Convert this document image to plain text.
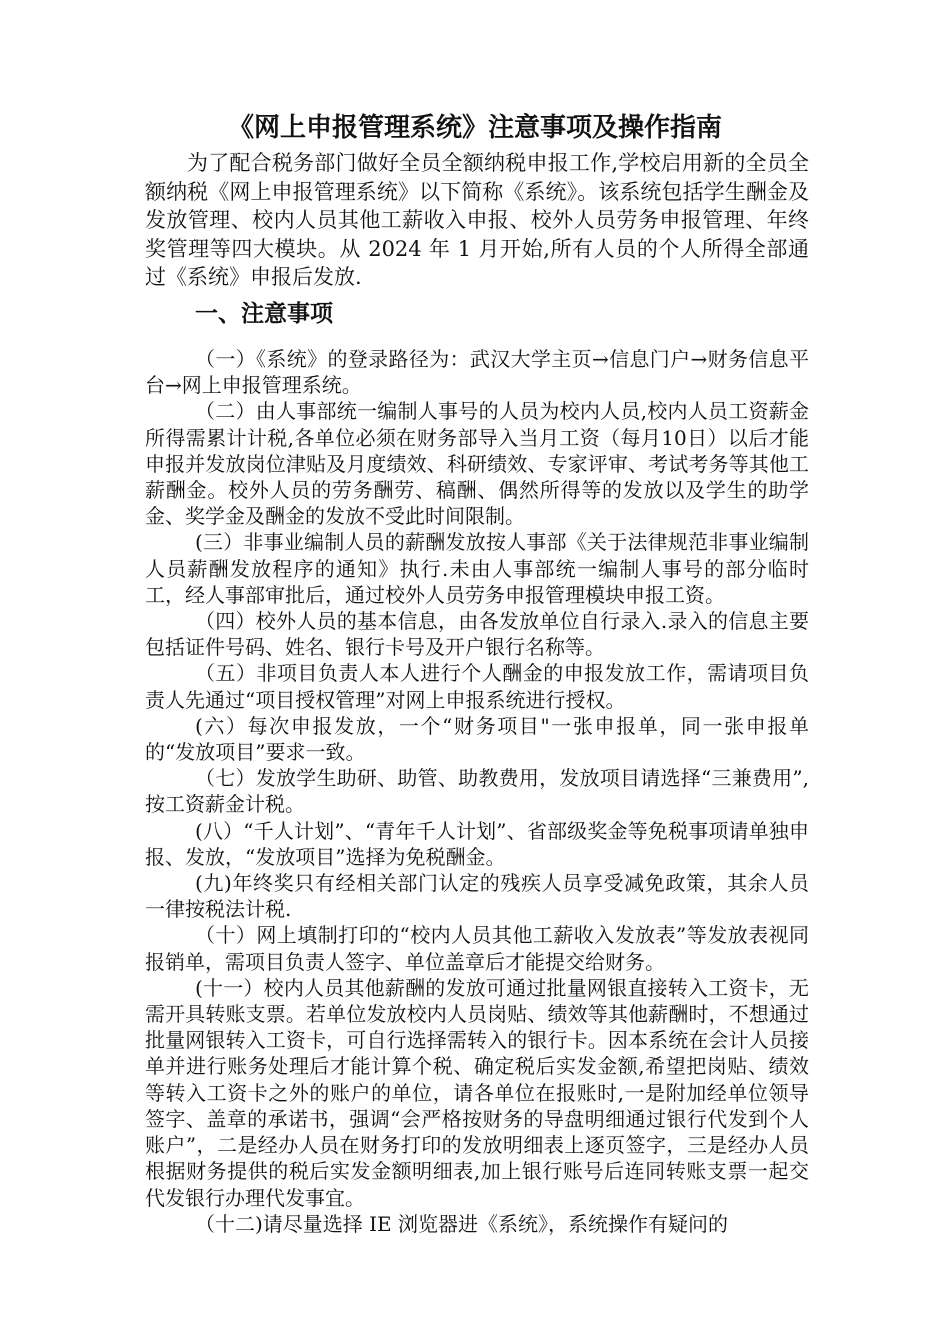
《网上申报管理系统》注意事项及操作指南

为了配合税务部门做好全员全额纳税申报工作,学校启用新的全员全额纳税《网上申报管理系统》以下简称《系统》。该系统包括学生酬金及发放管理、校内人员其他工薪收入申报、校外人员劳务申报管理、年终奖管理等四大模块。从 2024 年 1 月开始,所有人员的个人所得全部通过《系统》申报后发放.

一、注意事项

（一）《系统》的登录路径为：武汉大学主页→信息门户→财务信息平台→网上申报管理系统。

（二）由人事部统一编制人事号的人员为校内人员,校内人员工资薪金所得需累计计税,各单位必须在财务部导入当月工资（每月10日）以后才能申报并发放岗位津贴及月度绩效、科研绩效、专家评审、考试考务等其他工薪酬金。校外人员的劳务酬劳、稿酬、偶然所得等的发放以及学生的助学金、奖学金及酬金的发放不受此时间限制。

(三）非事业编制人员的薪酬发放按人事部《关于法律规范非事业编制人员薪酬发放程序的通知》执行.未由人事部统一编制人事号的部分临时工，经人事部审批后，通过校外人员劳务申报管理模块申报工资。

（四）校外人员的基本信息，由各发放单位自行录入.录入的信息主要包括证件号码、姓名、银行卡号及开户银行名称等。

（五）非项目负责人本人进行个人酬金的申报发放工作，需请项目负责人先通过“项目授权管理”对网上申报系统进行授权。

(六）每次申报发放，一个“财务项目"一张申报单，同一张申报单的“发放项目”要求一致。

（七）发放学生助研、助管、助教费用，发放项目请选择“三兼费用”,按工资薪金计税。

(八）“千人计划”、“青年千人计划”、省部级奖金等免税事项请单独申报、发放，“发放项目”选择为免税酬金。

(九)年终奖只有经相关部门认定的残疾人员享受减免政策，其余人员一律按税法计税.

（十）网上填制打印的“校内人员其他工薪收入发放表”等发放表视同报销单，需项目负责人签字、单位盖章后才能提交给财务。

(十一）校内人员其他薪酬的发放可通过批量网银直接转入工资卡，无需开具转账支票。若单位发放校内人员岗贴、绩效等其他薪酬时，不想通过批量网银转入工资卡，可自行选择需转入的银行卡。因本系统在会计人员接单并进行账务处理后才能计算个税、确定税后实发金额,希望把岗贴、绩效等转入工资卡之外的账户的单位，请各单位在报账时,一是附加经单位领导签字、盖章的承诺书，强调“会严格按财务的导盘明细通过银行代发到个人账户”，二是经办人员在财务打印的发放明细表上逐页签字，三是经办人员根据财务提供的税后实发金额明细表,加上银行账号后连同转账支票一起交代发银行办理代发事宜。

（十二)请尽量选择 IE 浏览器进《系统》，系统操作有疑问的
